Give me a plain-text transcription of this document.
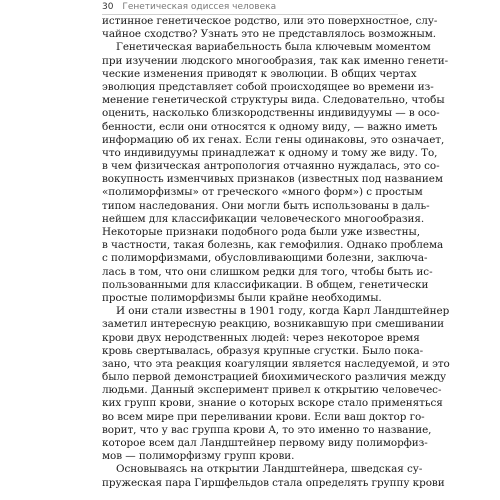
30 Генетическая одиссея человека
истинное генетическое родство, или это поверхностное, слу-
чайное сходство? Узнать это не представлялось возможным.
Генетическая вариабельность была ключевым моментом
при изучении людского многообразия, так как именно генети-
ческие изменения приводят к эволюции. В общих чертах
эволюция представляет собой происходящее во времени из-
менение генетической структуры вида. Следовательно, чтобы
оценить, насколько близкородственны индивидуумы — в осо-
бенности, если они относятся к одному виду, — важно иметь
информацию об их генах. Если гены одинаковы, это означает,
что индивидуумы принадлежат к одному и тому же виду. То,
в чем физическая антропология отчаянно нуждалась, это со-
вокупность изменчивых признаков (известных под названием
«полиморфизмы» от греческого «много форм») с простым
типом наследования. Они могли быть использованы в даль-
нейшем для классификации человеческого многообразия.
Некоторые признаки подобного рода были уже известны,
в частности, такая болезнь, как гемофилия. Однако проблема
с полиморфизмами, обусловливающими болезни, заключа-
лась в том, что они слишком редки для того, чтобы быть ис-
пользованными для классификации. В общем, генетически
простые полиморфизмы были крайне необходимы.
И они стали известны в 1901 году, когда Карл Ландштейнер
заметил интересную реакцию, возникавшую при смешивании
крови двух неродственных людей: через некоторое время
кровь свертывалась, образуя крупные сгустки. Было пока-
зано, что эта реакция коагуляции является наследуемой, и это
было первой демонстрацией биохимического различия между
людьми. Данный эксперимент привел к открытию человечес-
ких групп крови, знание о которых вскоре стало применяться
во всем мире при переливании крови. Если ваш доктор го-
ворит, что у вас группа крови A, то это именно то название,
которое всем дал Ландштейнер первому виду полиморфиз-
мов — полиморфизму групп крови.
Основываясь на открытии Ландштейнера, шведская су-
пружеская пара Гиршфельдов стала определять группу крови
